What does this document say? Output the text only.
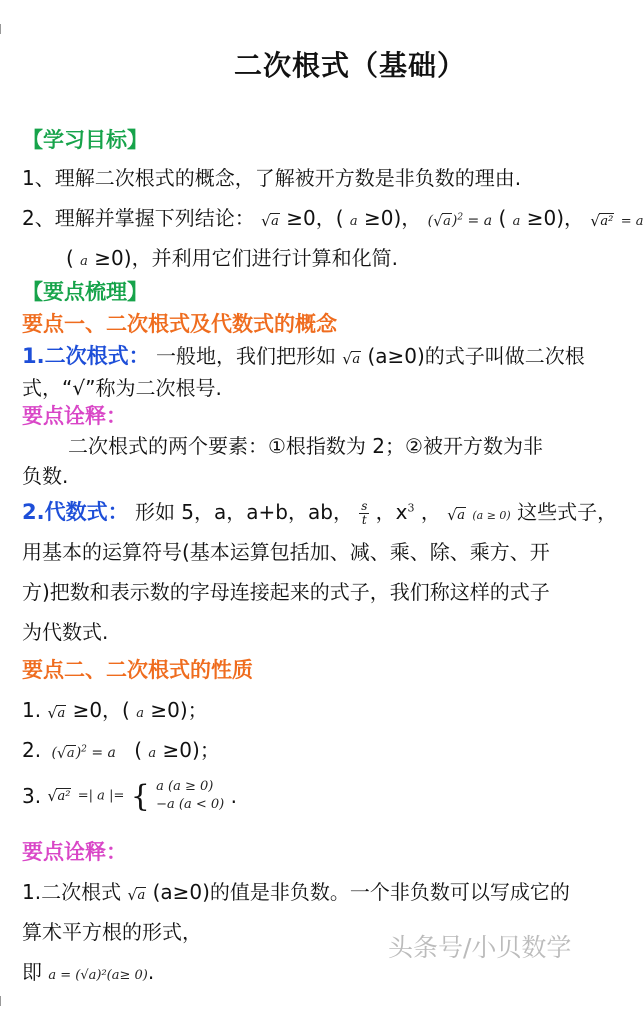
二次根式（基础）
【学习目标】
1、理解二次根式的概念，了解被开方数是非负数的理由.
2、理解并掌握下列结论： √ a ≥0，( a ≥0)， ( √ a)$^2$ = a ( a ≥0)， √ a² = a
( a ≥0)，并利用它们进行计算和化简.
【要点梳理】
要点一、二次根式及代数式的概念
1.二次根式： 一般地，我们把形如 √ a (a≥0)的式子叫做二次根
式，“√”称为二次根号.
要点诠释：
二次根式的两个要素：①根指数为 2；②被开方数为非
负数.
2.代数式： 形如 5，a，a+b，ab， $\frac{s}{t}$ ，$x^3$ ， √ a (a ≥ 0) 这些式子，
用基本的运算符号(基本运算包括加、减、乘、除、乘方、开
方)把数和表示数的字母连接起来的式子，我们称这样的式子
为代数式.
要点二、二次根式的性质
1. √ a ≥0，( a ≥0)；
2. ( √ a)$^2$ = a ( a ≥0)；
3. √ a² =| a |= { a (a ≥ 0)
−a (a < 0) .
要点诠释：
1.二次根式 √ a (a≥0)的值是非负数。一个非负数可以写成它的
算术平方根的形式，
即 a = (√a)²(a≥ 0).
头条号/小贝数学
